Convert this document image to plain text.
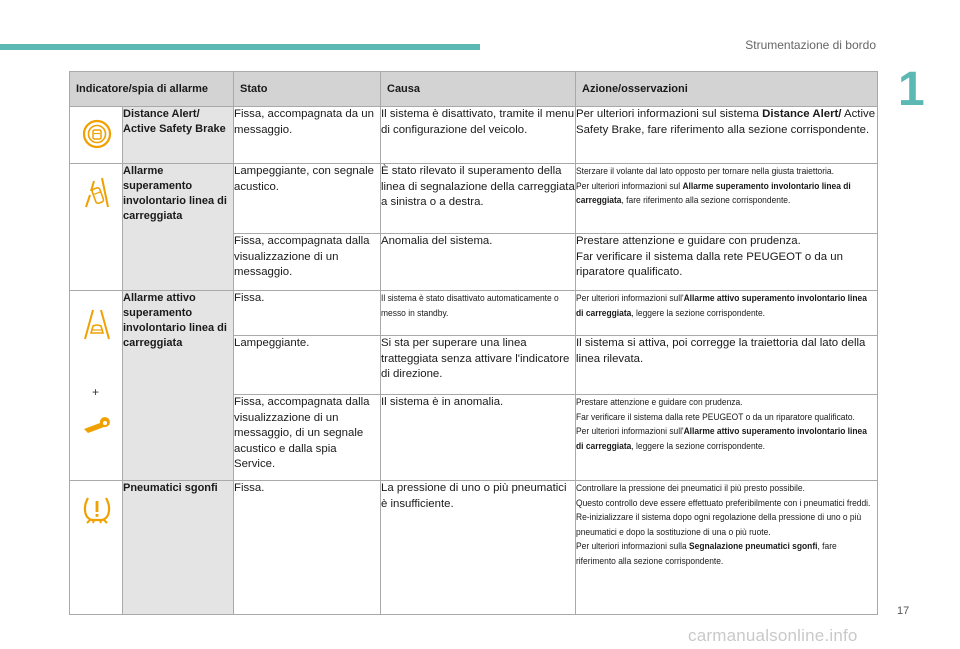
Strumentazione di bordo
1
Indicatore/spia di allarme		Stato	Causa	Azione/osservazioni

	Distance Alert/ Active Safety Brake	Fissa, accompagnata da un messaggio.	Il sistema è disattivato, tramite il menu di configurazione del veicolo.	Per ulteriori informazioni sul sistema Distance Alert/ Active Safety Brake, fare riferimento alla sezione corrispondente.

	Allarme superamento involontario linea di carreggiata	Lampeggiante, con segnale acustico.	È stato rilevato il superamento della linea di segnalazione della carreggiata a sinistra o a destra.	Sterzare il volante dal lato opposto per tornare nella giusta traiettoria.
Per ulteriori informazioni sul Allarme superamento involontario linea di carreggiata, fare riferimento alla sezione corrispondente.
		Fissa, accompagnata dalla visualizzazione di un messaggio.	Anomalia del sistema.	Prestare attenzione e guidare con prudenza.
Far verificare il sistema dalla rete PEUGEOT o da un riparatore qualificato.

+	Allarme attivo superamento involontario linea di carreggiata	Fissa.	Il sistema è stato disattivato automaticamente o messo in standby.	Per ulteriori informazioni sull'Allarme attivo superamento involontario linea di carreggiata, leggere la sezione corrispondente.
		Lampeggiante.	Si sta per superare una linea tratteggiata senza attivare l'indicatore di direzione.	Il sistema si attiva, poi corregge la traiettoria dal lato della linea rilevata.
		Fissa, accompagnata dalla visualizzazione di un messaggio, di un segnale acustico e dalla spia Service.	Il sistema è in anomalia.	Prestare attenzione e guidare con prudenza.
Far verificare il sistema dalla rete PEUGEOT o da un riparatore qualificato.
Per ulteriori informazioni sull'Allarme attivo superamento involontario linea di carreggiata, leggere la sezione corrispondente.

	Pneumatici sgonfi	Fissa.	La pressione di uno o più pneumatici è insufficiente.	Controllare la pressione dei pneumatici il più presto possibile.
Questo controllo deve essere effettuato preferibilmente con i pneumatici freddi.
Re-inizializzare il sistema dopo ogni regolazione della pressione di uno o più pneumatici e dopo la sostituzione di una o più ruote.
Per ulteriori informazioni sulla Segnalazione pneumatici sgonfi, fare riferimento alla sezione corrispondente.
17
carmanualsonline.info
